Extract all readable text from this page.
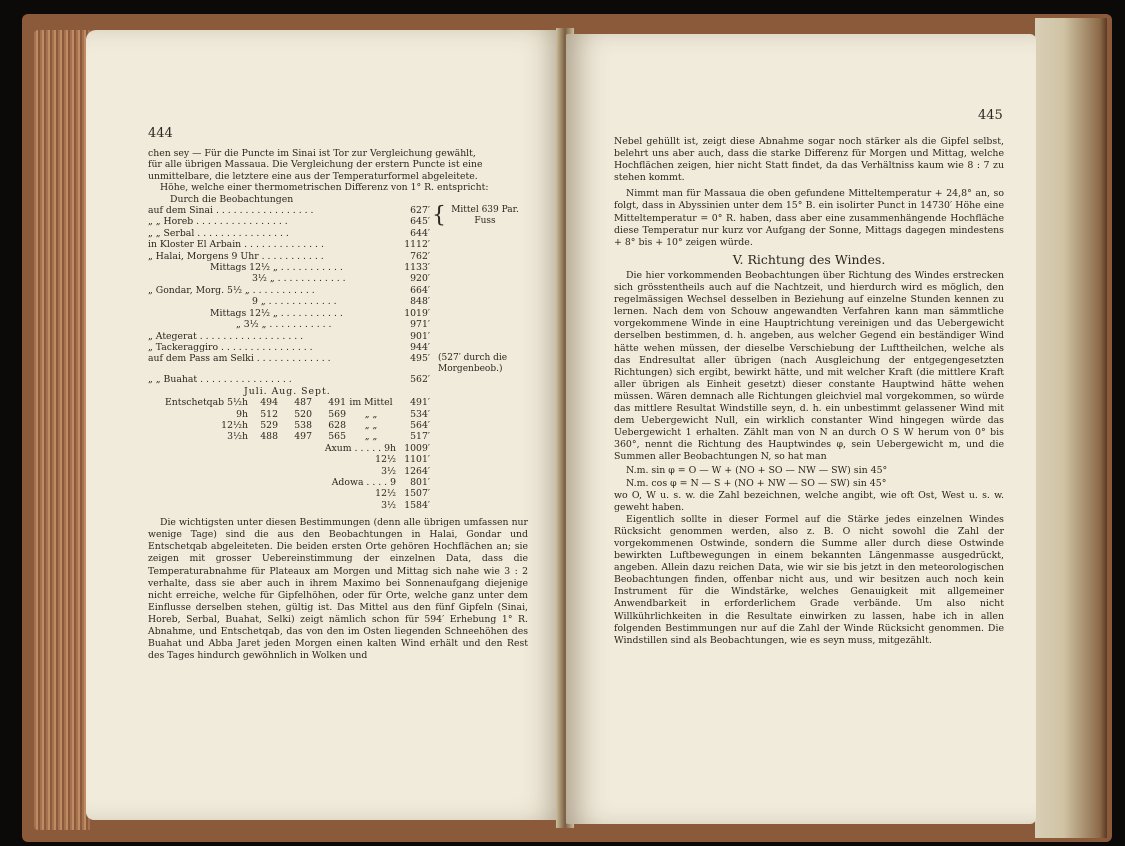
444

chen sey — Für die Puncte im Sinai ist Tor zur Vergleichung gewählt,

für alle übrigen Massaua. Die Vergleichung der erstern Puncte ist eine

unmittelbare, die letztere eine aus der Temperaturformel abgeleitete.

Höhe, welche einer thermometrischen Differenz von 1° R. entspricht:

Durch die Beobachtungen

auf dem Sinai . . . . . . . . . . . . . . . . .	627′
„ „ Horeb . . . . . . . . . . . . . . . .	645′
„ „ Serbal . . . . . . . . . . . . . . . .	644′
{ Mittel 639 Par. Fuss
in Kloster El Arbain . . . . . . . . . . . . . .	1112′
„ Halai, Morgens 9 Uhr . . . . . . . . . . .	762′
Mittags 12½ „ . . . . . . . . . . .	1133′
3½ „ . . . . . . . . . . . .	920′
„ Gondar, Morg. 5½ „ . . . . . . . . . . .	664′
9 „ . . . . . . . . . . . .	848′
Mittags 12½ „ . . . . . . . . . . .	1019′
„ 3½ „ . . . . . . . . . . .	971′
„ Ategerat . . . . . . . . . . . . . . . . . .	901′
„ Tackeraggiro . . . . . . . . . . . . . . . .	944′
auf dem Pass am Selki . . . . . . . . . . . . .	495′ (527′ durch die Morgenbeob.)
„ „ Buahat . . . . . . . . . . . . . . . .	562′
Juli. Aug. Sept.
Entschetqab 5½h	494	487	491 im Mittel	491′
9h	512	520	569	„ „	534′
12½h	529	538	628	„ „	564′
3½h	488	497	565	„ „	517′
Axum . . . . . 9h 1009′
12½ 1101′
3½ 1264′
Adowa . . . . 9	801′
12½ 1507′
3½ 1584′

Die wichtigsten unter diesen Bestimmungen (denn alle übrigen umfassen nur wenige Tage) sind die aus den Beobachtungen in Halai, Gondar und Entschetqab abgeleiteten. Die beiden ersten Orte gehören Hochflächen an; sie zeigen mit grosser Uebereinstimmung der einzelnen Data, dass die Temperaturabnahme für Plateaux am Morgen und Mittag sich nahe wie 3 : 2 verhalte, dass sie aber auch in ihrem Maximo bei Sonnenaufgang diejenige nicht erreiche, welche für Gipfelhöhen, oder für Orte, welche ganz unter dem Einflusse derselben stehen, gültig ist. Das Mittel aus den fünf Gipfeln (Sinai, Horeb, Serbal, Buahat, Selki) zeigt nämlich schon für 594′ Erhebung 1° R. Abnahme, und Entschetqab, das von den im Osten liegenden Schneehöhen des Buahat und Abba Jaret jeden Morgen einen kalten Wind erhält und den Rest des Tages hindurch gewöhnlich in Wolken und

445

Nebel gehüllt ist, zeigt diese Abnahme sogar noch stärker als die Gipfel selbst, belehrt uns aber auch, dass die starke Differenz für Morgen und Mittag, welche Hochflächen zeigen, hier nicht Statt findet, da das Verhältniss kaum wie 8 : 7 zu stehen kommt.

Nimmt man für Massaua die oben gefundene Mitteltemperatur + 24,8° an, so folgt, dass in Abyssinien unter dem 15° B. ein isolirter Punct in 14730′ Höhe eine Mitteltemperatur = 0° R. haben, dass aber eine zusammenhängende Hochfläche diese Temperatur nur kurz vor Aufgang der Sonne, Mittags dagegen mindestens + 8° bis + 10° zeigen würde.

V. Richtung des Windes.

Die hier vorkommenden Beobachtungen über Richtung des Windes erstrecken sich grösstentheils auch auf die Nachtzeit, und hierdurch wird es möglich, den regelmässigen Wechsel desselben in Beziehung auf einzelne Stunden kennen zu lernen. Nach dem von Schouw angewandten Verfahren kann man sämmtliche vorgekommene Winde in eine Hauptrichtung vereinigen und das Uebergewicht derselben bestimmen, d. h. angeben, aus welcher Gegend ein beständiger Wind hätte wehen müssen, der dieselbe Verschiebung der Lufttheilchen, welche als das Endresultat aller übrigen (nach Ausgleichung der entgegengesetzten Richtungen) sich ergibt, bewirkt hätte, und mit welcher Kraft (die mittlere Kraft aller übrigen als Einheit gesetzt) dieser constante Hauptwind hätte wehen müssen. Wären demnach alle Richtungen gleichviel mal vorgekommen, so würde das mittlere Resultat Windstille seyn, d. h. ein unbestimmt gelassener Wind mit dem Uebergewicht Null, ein wirklich constanter Wind hingegen würde das Uebergewicht 1 erhalten. Zählt man von N an durch O S W herum von 0° bis 360°, nennt die Richtung des Hauptwindes φ, sein Uebergewicht m, und die Summen aller Beobachtungen N, so hat man

N.m. sin φ = O — W + (NO + SO — NW — SW) sin 45°

N.m. cos φ = N — S + (NO + NW — SO — SW) sin 45°

wo O, W u. s. w. die Zahl bezeichnen, welche angibt, wie oft Ost, West u. s. w. geweht haben.

Eigentlich sollte in dieser Formel auf die Stärke jedes einzelnen Windes Rücksicht genommen werden, also z. B. O nicht sowohl die Zahl der vorgekommenen Ostwinde, sondern die Summe aller durch diese Ostwinde bewirkten Luftbewegungen in einem bekannten Längenmasse ausgedrückt, angeben. Allein dazu reichen Data, wie wir sie bis jetzt in den meteorologischen Beobachtungen finden, offenbar nicht aus, und wir besitzen auch noch kein Instrument für die Windstärke, welches Genauigkeit mit allgemeiner Anwendbarkeit in erforderlichem Grade verbände. Um also nicht Willkührlichkeiten in die Resultate einwirken zu lassen, habe ich in allen folgenden Bestimmungen nur auf die Zahl der Winde Rücksicht genommen. Die Windstillen sind als Beobachtungen, wie es seyn muss, mitgezählt.
